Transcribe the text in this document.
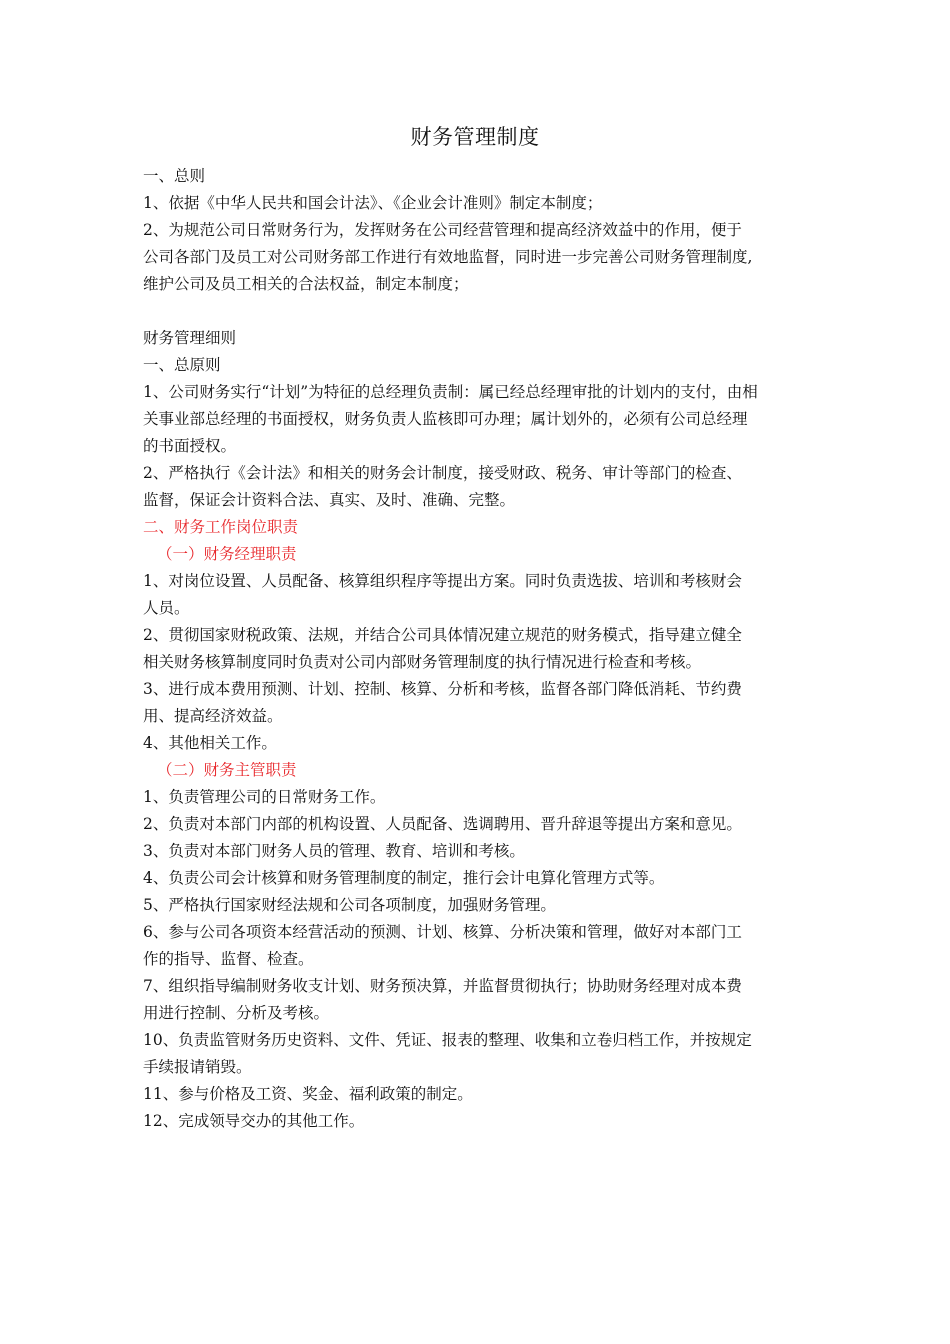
财务管理制度

一、总则

1、依据《中华人民共和国会计法》、《企业会计准则》制定本制度；

2、为规范公司日常财务行为，发挥财务在公司经营管理和提高经济效益中的作用，便于

公司各部门及员工对公司财务部工作进行有效地监督，同时进一步完善公司财务管理制度,

维护公司及员工相关的合法权益，制定本制度；

财务管理细则

一、总原则

1、公司财务实行“计划”为特征的总经理负责制：属已经总经理审批的计划内的支付，由相

关事业部总经理的书面授权，财务负责人监核即可办理；属计划外的，必须有公司总经理

的书面授权。

2、严格执行《会计法》和相关的财务会计制度，接受财政、税务、审计等部门的检查、

监督，保证会计资料合法、真实、及时、准确、完整。

二、财务工作岗位职责

（一）财务经理职责

1、对岗位设置、人员配备、核算组织程序等提出方案。同时负责选拔、培训和考核财会

人员。

2、贯彻国家财税政策、法规，并结合公司具体情况建立规范的财务模式，指导建立健全

相关财务核算制度同时负责对公司内部财务管理制度的执行情况进行检查和考核。

3、进行成本费用预测、计划、控制、核算、分析和考核，监督各部门降低消耗、节约费

用、提高经济效益。

4、其他相关工作。

（二）财务主管职责

1、负责管理公司的日常财务工作。

2、负责对本部门内部的机构设置、人员配备、选调聘用、晋升辞退等提出方案和意见。

3、负责对本部门财务人员的管理、教育、培训和考核。

4、负责公司会计核算和财务管理制度的制定，推行会计电算化管理方式等。

5、严格执行国家财经法规和公司各项制度，加强财务管理。

6、参与公司各项资本经营活动的预测、计划、核算、分析决策和管理，做好对本部门工

作的指导、监督、检查。

7、组织指导编制财务收支计划、财务预决算，并监督贯彻执行；协助财务经理对成本费

用进行控制、分析及考核。

10、负责监管财务历史资料、文件、凭证、报表的整理、收集和立卷归档工作，并按规定

手续报请销毁。

11、参与价格及工资、奖金、福利政策的制定。

12、完成领导交办的其他工作。
